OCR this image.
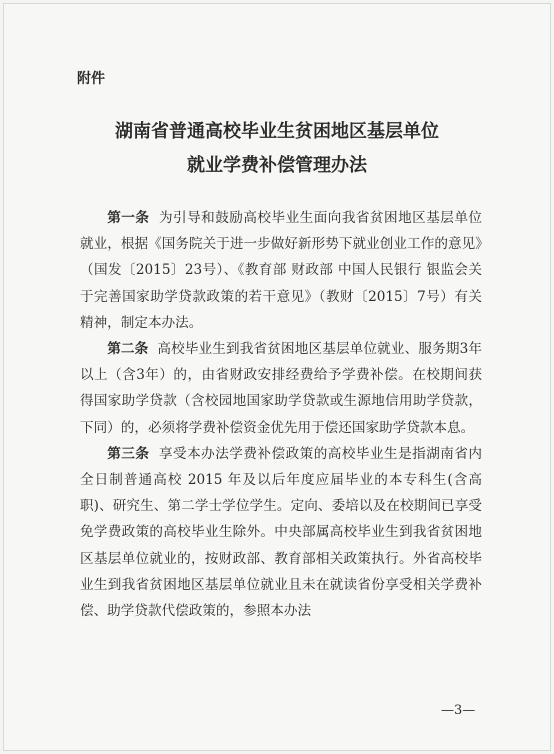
附件
湖南省普通高校毕业生贫困地区基层单位
就业学费补偿管理办法

第一条 为引导和鼓励高校毕业生面向我省贫困地区基层单位就业，根据《国务院关于进一步做好新形势下就业创业工作的意见》（国发〔2015〕23号）、《教育部 财政部 中国人民银行 银监会关于完善国家助学贷款政策的若干意见》（教财〔2015〕7号）有关精神，制定本办法。

第二条 高校毕业生到我省贫困地区基层单位就业、服务期3年以上（含3年）的，由省财政安排经费给予学费补偿。在校期间获得国家助学贷款（含校园地国家助学贷款或生源地信用助学贷款，下同）的，必须将学费补偿资金优先用于偿还国家助学贷款本息。

第三条 享受本办法学费补偿政策的高校毕业生是指湖南省内全日制普通高校 2015 年及以后年度应届毕业的本专科生(含高职)、研究生、第二学士学位学生。定向、委培以及在校期间已享受免学费政策的高校毕业生除外。中央部属高校毕业生到我省贫困地区基层单位就业的，按财政部、教育部相关政策执行。外省高校毕业生到我省贫困地区基层单位就业且未在就读省份享受相关学费补偿、助学贷款代偿政策的，参照本办法

—3—
